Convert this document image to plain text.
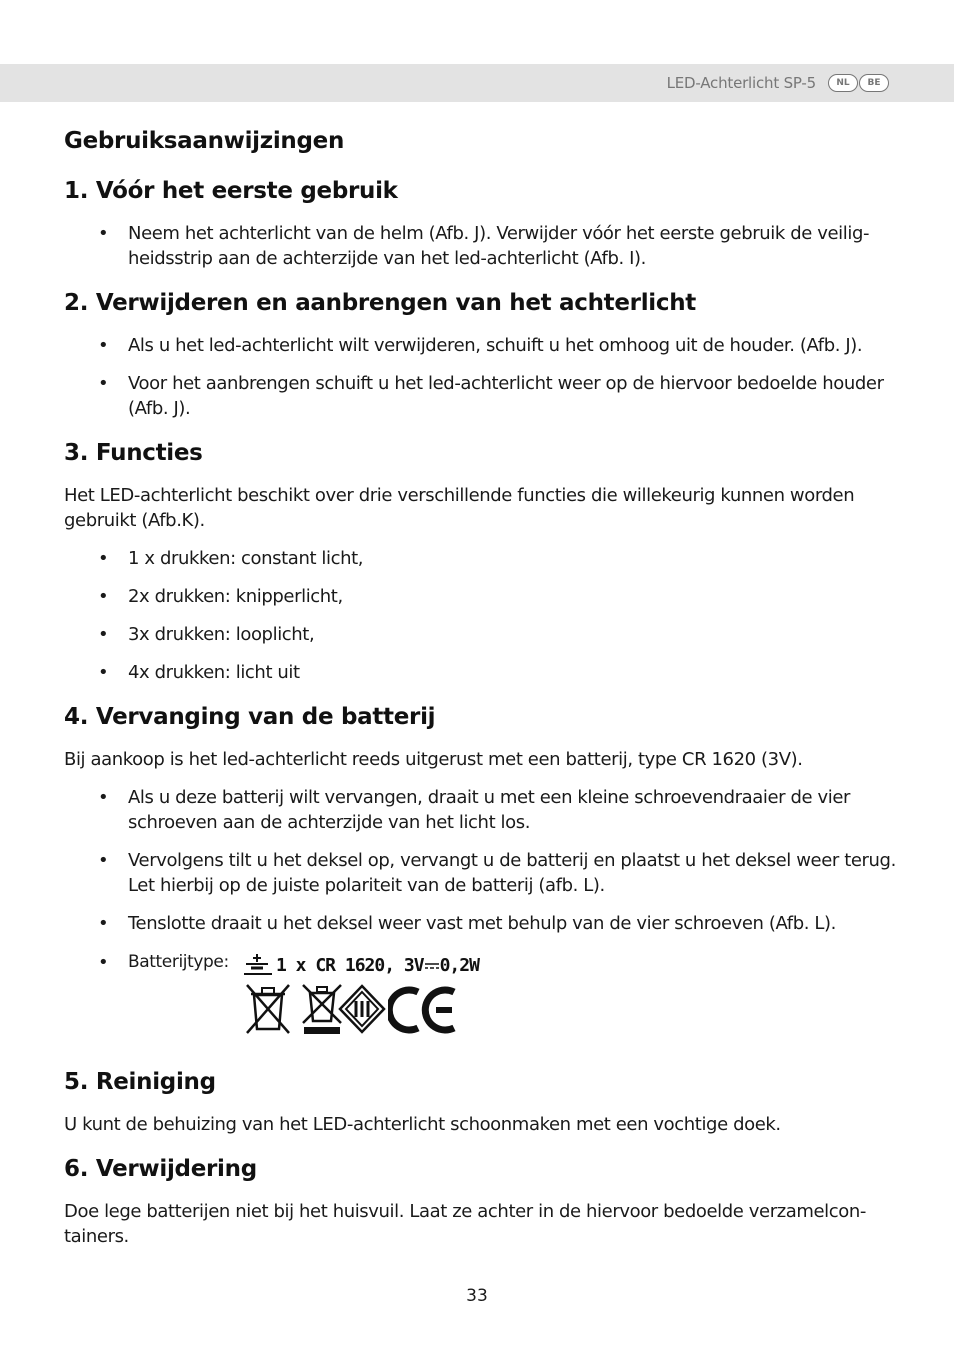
LED-Achterlicht SP-5	NL	BE
Gebruiksaanwijzingen
1. Vóór het eerste gebruik
• Neem het achterlicht van de helm (Afb. J). Verwijder vóór het eerste gebruik de veilig-heidsstrip aan de achterzijde van het led-achterlicht (Afb. I).

2. Verwijderen en aanbrengen van het achterlicht
• Als u het led-achterlicht wilt verwijderen, schuift u het omhoog uit de houder. (Afb. J).

• Voor het aanbrengen schuift u het led-achterlicht weer op de hiervoor bedoelde houder (Afb. J).

3. Functies

Het LED-achterlicht beschikt over drie verschillende functies die willekeurig kunnen worden gebruikt (Afb.K).

• 1 x drukken: constant licht,

• 2x drukken: knipperlicht,

• 3x drukken: looplicht,

• 4x drukken: licht uit

4. Vervanging van de batterij

Bij aankoop is het led-achterlicht reeds uitgerust met een batterij, type CR 1620 (3V).

• Als u deze batterij wilt vervangen, draait u met een kleine schroevendraaier de vier schroeven aan de achterzijde van het licht los.

• Vervolgens tilt u het deksel op, vervangt u de batterij en plaatst u het deksel weer terug. Let hierbij op de juiste polariteit van de batterij (afb. L).

• Tenslotte draait u het deksel weer vast met behulp van de vier schroeven (Afb. L).

• Batterijtype:	1 x CR 1620, 3V 0,2W
5. Reiniging

U kunt de behuizing van het LED-achterlicht schoonmaken met een vochtige doek.

6. Verwijdering

Doe lege batterijen niet bij het huisvuil. Laat ze achter in de hiervoor bedoelde verzamelcon-tainers.

33
